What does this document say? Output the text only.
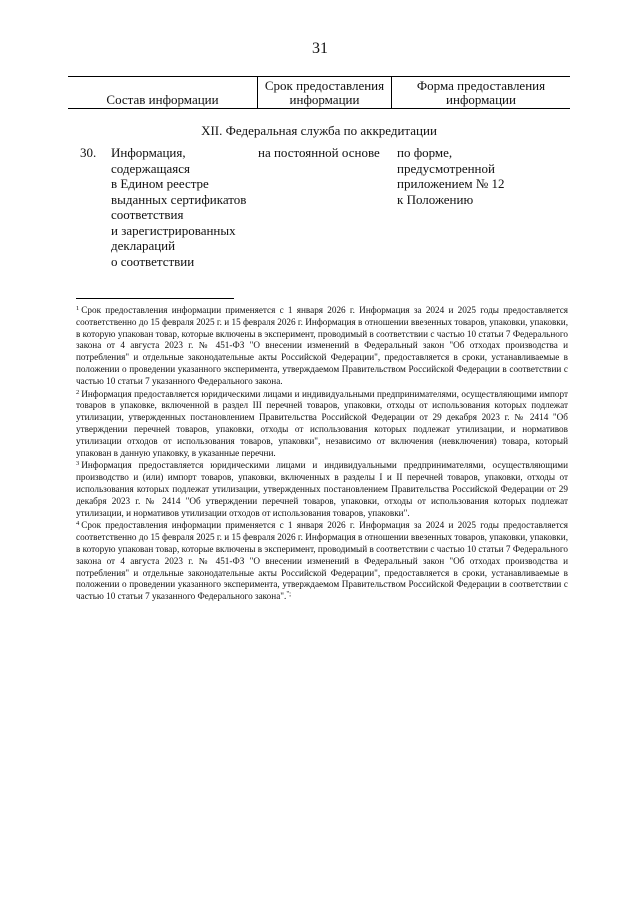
31
Состав информации
Срок предоставления информации
Форма предоставления информации
XII. Федеральная служба по аккредитации
30. Информация,
содержащаяся
в Едином реестре
выданных сертификатов
соответствия
и зарегистрированных
деклараций
о соответствии
на постоянной основе	по форме,
предусмотренной
приложением № 12
к Положению

$^1$ Срок предоставления информации применяется с 1 января 2026 г. Информация за 2024 и 2025 годы предоставляется соответственно до 15 февраля 2025 г. и 15 февраля 2026 г. Информация в отношении ввезенных товаров, упаковки, упаковки, в которую упакован товар, которые включены в эксперимент, проводимый в соответствии с частью 10 статьи 7 Федерального закона от 4 августа 2023 г. № 451-ФЗ "О внесении изменений в Федеральный закон "Об отходах производства и потребления" и отдельные законодательные акты Российской Федерации", предоставляется в сроки, устанавливаемые в положении о проведении указанного эксперимента, утверждаемом Правительством Российской Федерации в соответствии с частью 10 статьи 7 указанного Федерального закона.

$^2$ Информация предоставляется юридическими лицами и индивидуальными предпринимателями, осуществляющими импорт товаров в упаковке, включенной в раздел III перечней товаров, упаковки, отходы от использования которых подлежат утилизации, утвержденных постановлением Правительства Российской Федерации от 29 декабря 2023 г. № 2414 "Об утверждении перечней товаров, упаковки, отходы от использования которых подлежат утилизации, и нормативов утилизации отходов от использования товаров, упаковки", независимо от включения (невключения) товара, который упакован в данную упаковку, в указанные перечни.

$^3$ Информация предоставляется юридическими лицами и индивидуальными предпринимателями, осуществляющими производство и (или) импорт товаров, упаковки, включенных в разделы I и II перечней товаров, упаковки, отходы от использования которых подлежат утилизации, утвержденных постановлением Правительства Российской Федерации от 29 декабря 2023 г. № 2414 "Об утверждении перечней товаров, упаковки, отходы от использования которых подлежат утилизации, и нормативов утилизации отходов от использования товаров, упаковки".

$^4$ Срок предоставления информации применяется с 1 января 2026 г. Информация за 2024 и 2025 годы предоставляется соответственно до 15 февраля 2025 г. и 15 февраля 2026 г. Информация в отношении ввезенных товаров, упаковки, упаковки, в которую упакован товар, которые включены в эксперимент, проводимый в соответствии с частью 10 статьи 7 Федерального закона от 4 августа 2023 г. № 451-ФЗ "О внесении изменений в Федеральный закон "Об отходах производства и потребления" и отдельные законодательные акты Российской Федерации", предоставляется в сроки, устанавливаемые в положении о проведении указанного эксперимента, утверждаемом Правительством Российской Федерации в соответствии с частью 10 статьи 7 указанного Федерального закона".";
